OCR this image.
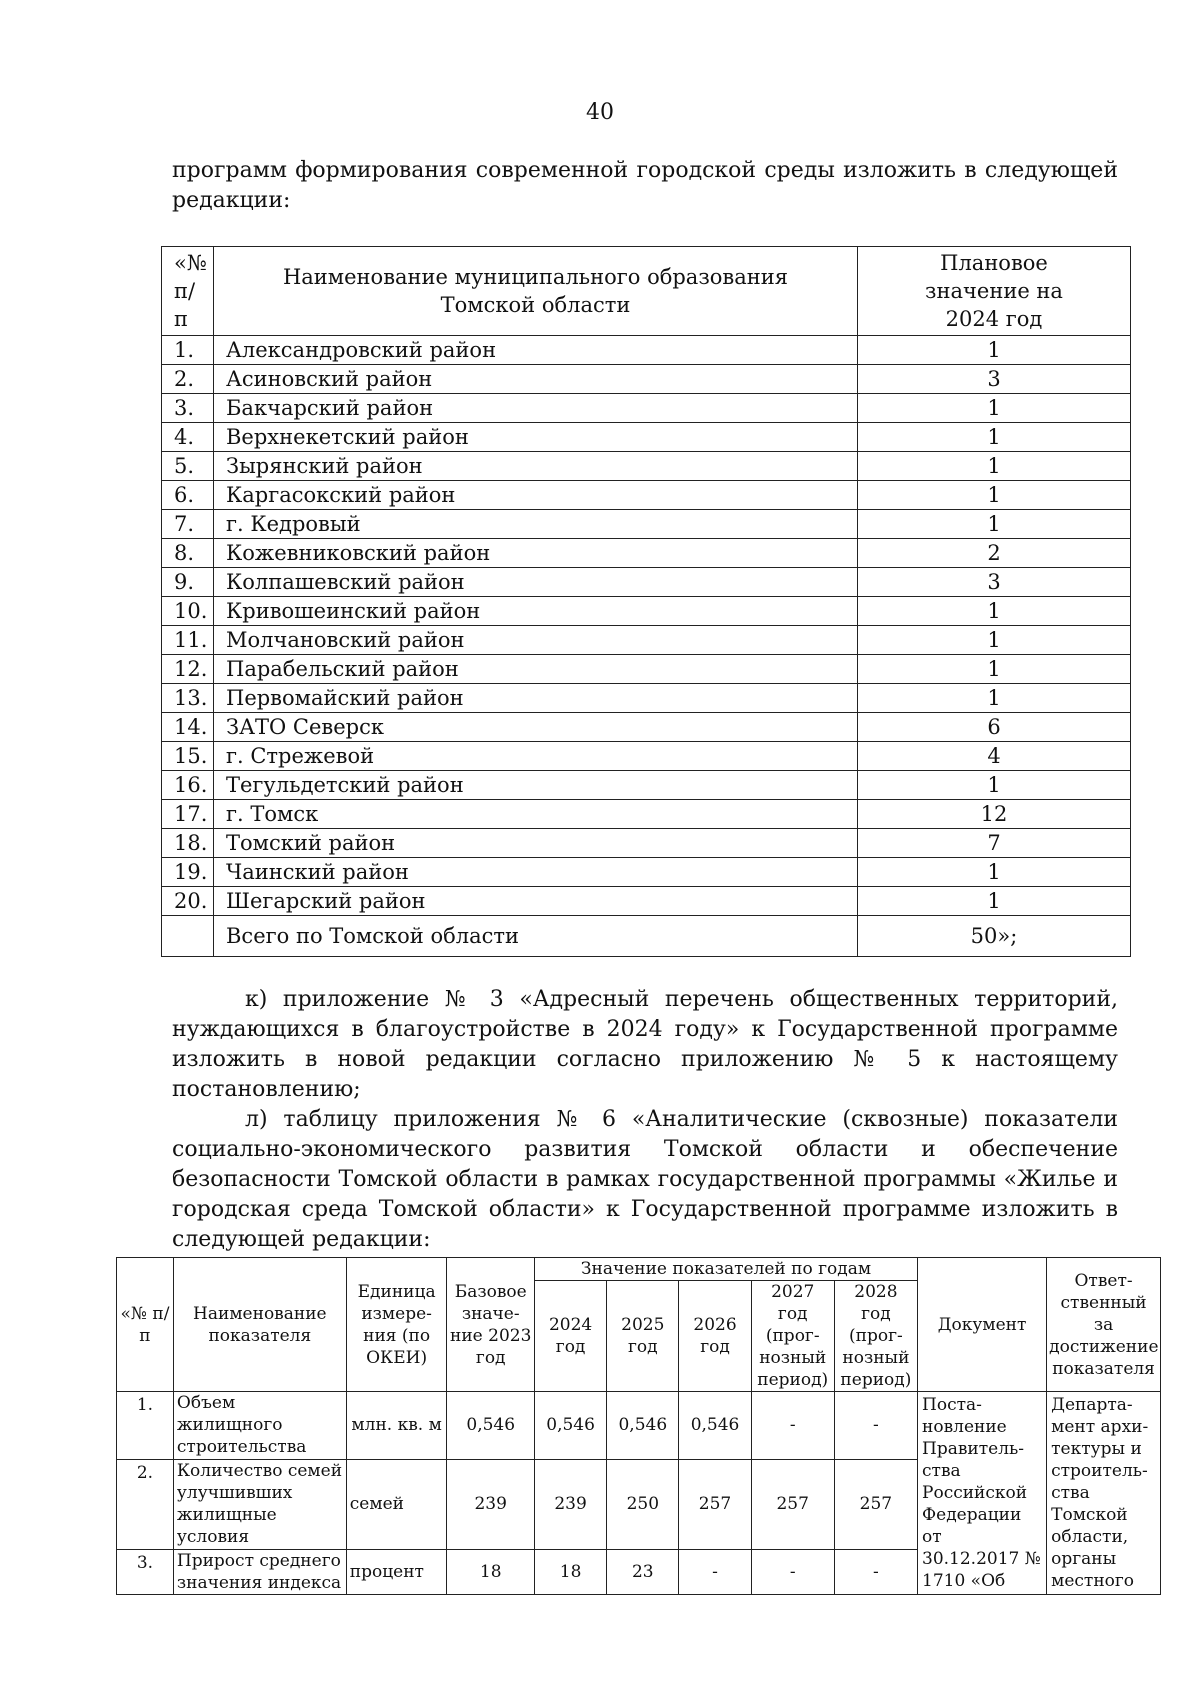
40
программ формирования современной городской среды изложить в следующей редакции:
«№ п/п	Наименование муниципального образования Томской области	Плановое значение на 2024 год
1.	Александровский район	1
2.	Асиновский район	3
3.	Бакчарский район	1
4.	Верхнекетский район	1
5.	Зырянский район	1
6.	Каргасокский район	1
7.	г. Кедровый	1
8.	Кожевниковский район	2
9.	Колпашевский район	3
10.	Кривошеинский район	1
11.	Молчановский район	1
12.	Парабельский район	1
13.	Первомайский район	1
14.	ЗАТО Северск	6
15.	г. Стрежевой	4
16.	Тегульдетский район	1
17.	г. Томск	12
18.	Томский район	7
19.	Чаинский район	1
20.	Шегарский район	1
	Всего по Томской области	50»;
к) приложение № 3 «Адресный перечень общественных территорий, нуждающихся в благоустройстве в 2024 году» к Государственной программе изложить в новой редакции согласно приложению № 5 к настоящему постановлению;
л) таблицу приложения № 6 «Аналитические (сквозные) показатели социально-экономического развития Томской области и обеспечение безопасности Томской области в рамках государственной программы «Жилье и городская среда Томской области» к Государственной программе изложить в следующей редакции:
«№ п/п	Наименование показателя	Единица измере-ния (по ОКЕИ)	Базовое значе-ние 2023 год	Значение показателей по годам					Документ	Ответ-ственный за достижение показателя
				2024 год	2025 год	2026 год	2027 год (прог-нозный период)	2028 год (прог-нозный период)		
1.	Объем жилищного строительства	млн. кв. м	0,546	0,546	0,546	0,546	-	-	Поста-новление Правитель-ства Российской Федерации от 30.12.2017 № 1710 «Об	Департа-мент архи-тектуры и строитель-ства Томской области, органы местного
2.	Количество семей улучшивших жилищные условия	семей	239	239	250	257	257	257		
3.	Прирост среднего значения индекса	процент	18	18	23	-	-	-		
